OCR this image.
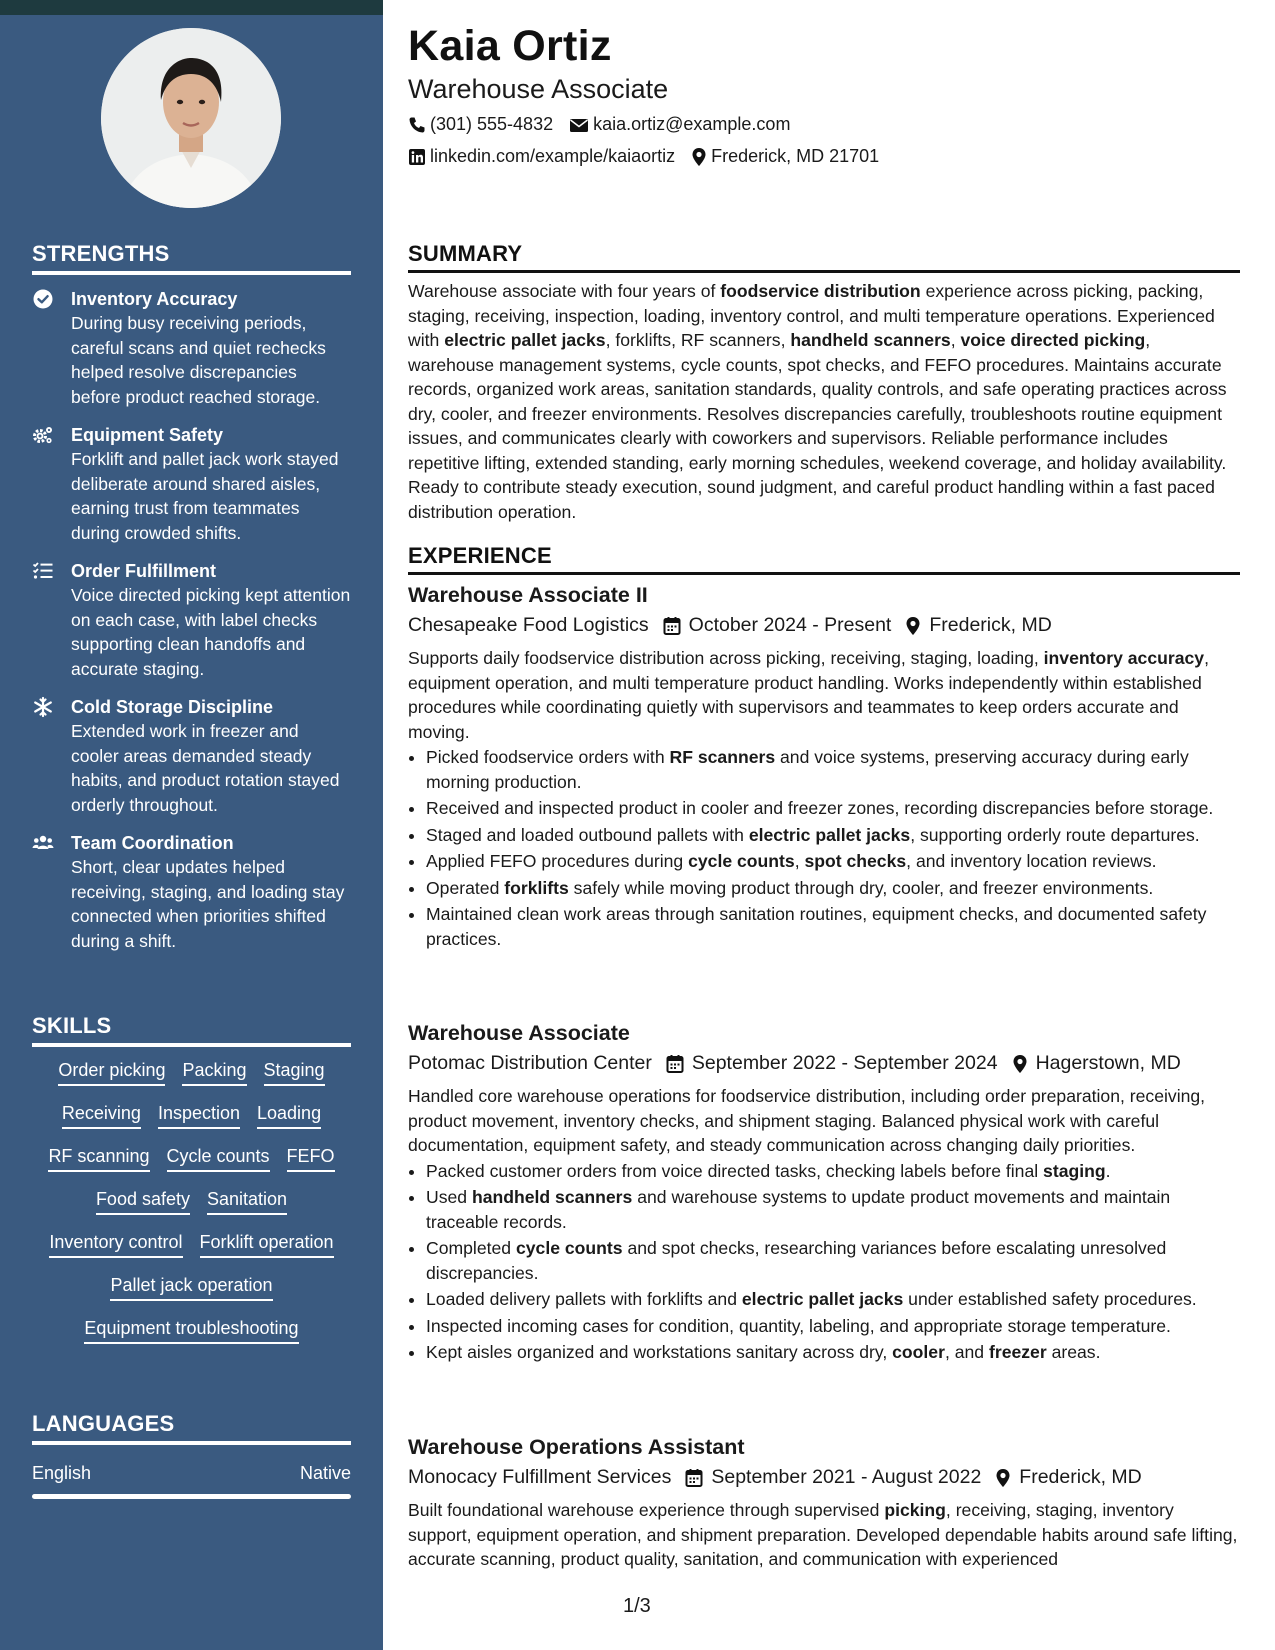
STRENGTHS
Inventory Accuracy
During busy receiving periods, careful scans and quiet rechecks helped resolve discrepancies before product reached storage.
Equipment Safety
Forklift and pallet jack work stayed deliberate around shared aisles, earning trust from teammates during crowded shifts.
Order Fulfillment
Voice directed picking kept attention on each case, with label checks supporting clean handoffs and accurate staging.
Cold Storage Discipline
Extended work in freezer and cooler areas demanded steady habits, and product rotation stayed orderly throughout.
Team Coordination
Short, clear updates helped receiving, staging, and loading stay connected when priorities shifted during a shift.
SKILLS
Order picking Packing Staging
Receiving Inspection Loading
RF scanning Cycle counts FEFO
Food safety Sanitation
Inventory control Forklift operation
Pallet jack operation
Equipment troubleshooting
LANGUAGES
English	Native
Kaia Ortiz
Warehouse Associate
(301) 555-4832 kaia.ortiz@example.com
linkedin.com/example/kaiaortiz Frederick, MD 21701
SUMMARY
Warehouse associate with four years of foodservice distribution experience across picking, packing, staging, receiving, inspection, loading, inventory control, and multi temperature operations. Experienced with electric pallet jacks, forklifts, RF scanners, handheld scanners, voice directed picking, warehouse management systems, cycle counts, spot checks, and FEFO procedures. Maintains accurate records, organized work areas, sanitation standards, quality controls, and safe operating practices across dry, cooler, and freezer environments. Resolves discrepancies carefully, troubleshoots routine equipment issues, and communicates clearly with coworkers and supervisors. Reliable performance includes repetitive lifting, extended standing, early morning schedules, weekend coverage, and holiday availability. Ready to contribute steady execution, sound judgment, and careful product handling within a fast paced distribution operation.
EXPERIENCE
Warehouse Associate II
Chesapeake Food Logistics October 2024 - Present Frederick, MD
Supports daily foodservice distribution across picking, receiving, staging, loading, inventory accuracy, equipment operation, and multi temperature product handling. Works independently within established procedures while coordinating quietly with supervisors and teammates to keep orders accurate and moving.
• Picked foodservice orders with RF scanners and voice systems, preserving accuracy during early morning production.
• Received and inspected product in cooler and freezer zones, recording discrepancies before storage.
• Staged and loaded outbound pallets with electric pallet jacks, supporting orderly route departures.
• Applied FEFO procedures during cycle counts, spot checks, and inventory location reviews.
• Operated forklifts safely while moving product through dry, cooler, and freezer environments.
• Maintained clean work areas through sanitation routines, equipment checks, and documented safety practices.
Warehouse Associate
Potomac Distribution Center September 2022 - September 2024 Hagerstown, MD
Handled core warehouse operations for foodservice distribution, including order preparation, receiving, product movement, inventory checks, and shipment staging. Balanced physical work with careful documentation, equipment safety, and steady communication across changing daily priorities.
• Packed customer orders from voice directed tasks, checking labels before final staging.
• Used handheld scanners and warehouse systems to update product movements and maintain traceable records.
• Completed cycle counts and spot checks, researching variances before escalating unresolved discrepancies.
• Loaded delivery pallets with forklifts and electric pallet jacks under established safety procedures.
• Inspected incoming cases for condition, quantity, labeling, and appropriate storage temperature.
• Kept aisles organized and workstations sanitary across dry, cooler, and freezer areas.
Warehouse Operations Assistant
Monocacy Fulfillment Services September 2021 - August 2022 Frederick, MD
Built foundational warehouse experience through supervised picking, receiving, staging, inventory support, equipment operation, and shipment preparation. Developed dependable habits around safe lifting, accurate scanning, product quality, sanitation, and communication with experienced
1/3
